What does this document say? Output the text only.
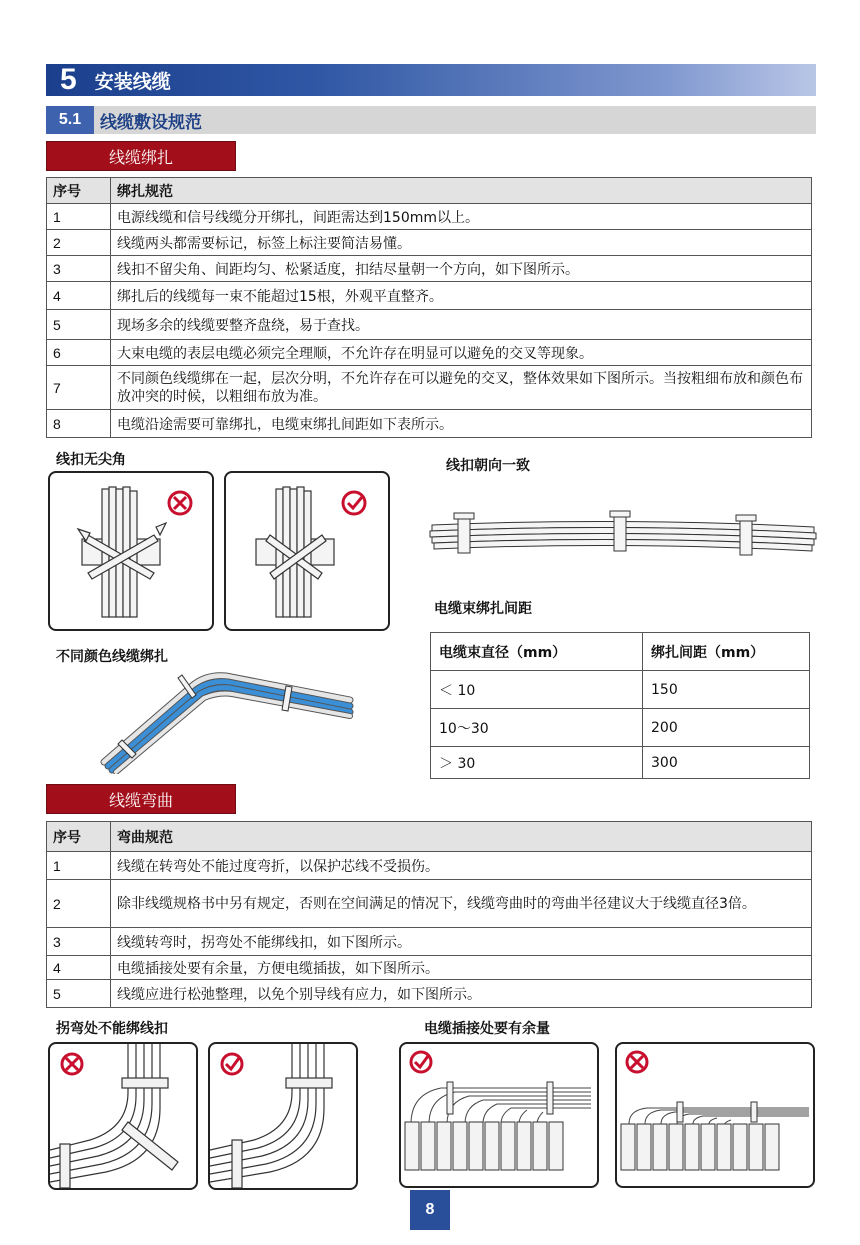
5 安装线缆
5.1	线缆敷设规范
线缆绑扎
序号	绑扎规范
1	电源线缆和信号线缆分开绑扎，间距需达到150mm以上。
2	线缆两头都需要标记，标签上标注要简洁易懂。
3	线扣不留尖角、间距均匀、松紧适度，扣结尽量朝一个方向，如下图所示。
4	绑扎后的线缆每一束不能超过15根，外观平直整齐。
5	现场多余的线缆要整齐盘绕，易于查找。
6	大束电缆的表层电缆必须完全理顺，不允许存在明显可以避免的交叉等现象。
7	不同颜色线缆绑在一起，层次分明，不允许存在可以避免的交叉，整体效果如下图所示。当按粗细布放和颜色布放冲突的时候，以粗细布放为准。
8	电缆沿途需要可靠绑扎，电缆束绑扎间距如下表所示。
线扣无尖角	线扣朝向一致
电缆束绑扎间距
电缆束直径（mm）	绑扎间距（mm）
＜ 10	150
10～30	200
＞ 30	300
不同颜色线缆绑扎
线缆弯曲
序号	弯曲规范
1	线缆在转弯处不能过度弯折，以保护芯线不受损伤。
2	除非线缆规格书中另有规定，否则在空间满足的情况下，线缆弯曲时的弯曲半径建议大于线缆直径3倍。
3	线缆转弯时，拐弯处不能绑线扣，如下图所示。
4	电缆插接处要有余量，方便电缆插拔，如下图所示。
5	线缆应进行松弛整理，以免个别导线有应力，如下图所示。
拐弯处不能绑线扣	电缆插接处要有余量
8
